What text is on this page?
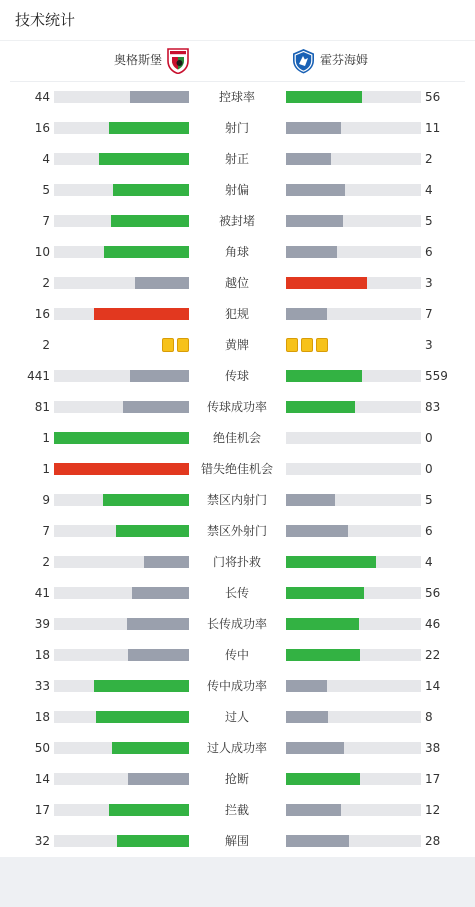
技术统计
奥格斯堡	霍芬海姆
44	控球率	56
16	射门	11
4	射正	2
5	射偏	4
7	被封堵	5
10	角球	6
2	越位	3
16	犯规	7
2	黄牌	3
441	传球	559
81	传球成功率	83
1	绝佳机会	0
1	错失绝佳机会	0
9	禁区内射门	5
7	禁区外射门	6
2	门将扑救	4
41	长传	56
39	长传成功率	46
18	传中	22
33	传中成功率	14
18	过人	8
50	过人成功率	38
14	抢断	17
17	拦截	12
32	解围	28
